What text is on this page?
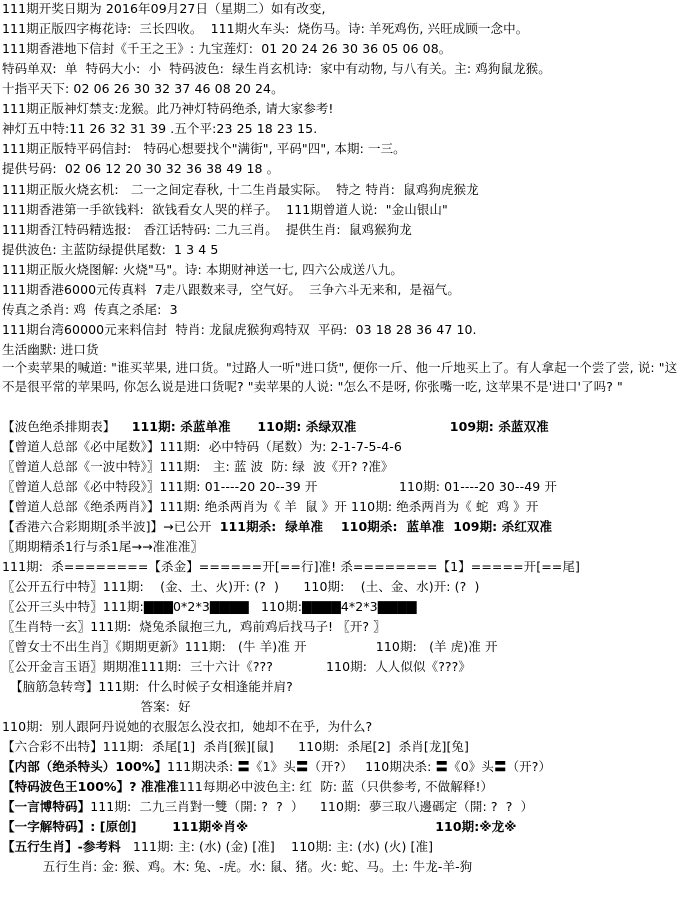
111期开奖日期为 2016年09月27日（星期二）如有改变,
111期正版四字梅花诗:  三长四收。  111期火车头:  烧伤马。诗: 羊死鸡伤, 兴旺成顾一念中。
111期香港地下信封《千王之王》: 九宝莲灯:  01 20 24 26 30 36 05 06 08。
特码单双:  单  特码大小:  小  特码波色:  绿生肖玄机诗:  家中有动物, 与八有关。主: 鸡狗鼠龙猴。
十指平天下: 02 06 26 30 32 37 46 08 20 24。
111期正版神灯禁支:龙猴。此乃神灯特码绝杀, 请大家参考!
神灯五中特:11 26 32 31 39 .五个平:23 25 18 23 15.
111期正版特平码信封:   特码心想要找个"满街", 平码"四", 本期: 一三。
提供号码:  02 06 12 20 30 32 36 38 49 18 。
111期正版火烧玄机:   二一之间定春秋, 十二生肖最实际。  特之 特肖:  鼠鸡狗虎猴龙
111期香港第一手欲钱料:  欲钱看女人哭的样子。  111期曾道人说:  "金山银山"
111期香江特码精选报:   香江话特码: 二九三肖。  提供生肖:  鼠鸡猴狗龙
提供波色: 主蓝防绿提供尾数:  1 3 4 5
111期正版火烧图解: 火烧"马"。诗: 本期财神送一七, 四六公成送八九。
111期香港6000元传真料  7走八跟数来寻,  空气好。  三争六斗无来和,  是福气。
传真之杀肖: 鸡  传真之杀尾:  3
111期台湾60000元来料信封  特肖: 龙鼠虎猴狗鸡特双  平码:  03 18 28 36 47 10.
生活幽默: 进口货
一个卖苹果的喊道: "谁买苹果, 进口货。"过路人一听"进口货", 便你一斤、他一斤地买上了。有人拿起一个尝了尝, 说: "这不是很平常的苹果吗, 你怎么说是进口货呢? "卖苹果的人说: "怎么不是呀, 你张嘴一吃, 这苹果不是'进口'了吗? "
【波色绝杀排期表】    111期: 杀蓝单准      110期: 杀绿双准                     109期: 杀蓝双准
【曾道人总部《必中尾数》】111期:  必中特码（尾数）为: 2-1-7-5-4-6
〖曾道人总部《一波中特》〗111期:   主: 蓝 波  防: 绿  波《开? ?准》
〖曾道人总部《必中特段》〗111期: 01----20 20--39 开                    110期: 01----20 30--49 开
【曾道人总部《绝杀两肖》】111期: 绝杀两肖为《 羊  鼠 》开 110期: 绝杀两肖为《 蛇  鸡 》开
【香港六合彩期期[杀半波]】→已公开  111期杀:  绿单准    110期杀:  蓝单准  109期: 杀红双准
〖期期精杀1行与杀1尾→→准准准〗
111期:  杀========【杀金】======开[==行]准! 杀========【1】=====开[==尾]
〖公开五行中特〗111期:    (金、土、火)开: (?  )      110期:    (土、金、水)开: (?  )
〖公开三头中特〗111期:▇▇▇0*2*3▇▇▇▇   110期:▇▇▇▇4*2*3▇▇▇▇
〖生肖特一玄〗111期:  烧兔杀鼠抱三九,  鸡前鸡后找马子! 〖开? 〗
〖曾女士不出生肖〗《期期更新》111期:   (牛 羊)准 开                 110期:   (羊 虎)准 开
〖公开金言玉语〗期期准111期:  三十六计《???             110期:  人人似似《???》
【脑筋急转弯】111期:  什么时候子女相逢能并肩?
答案:  好
110期:  别人跟阿丹说她的衣服怎么没衣扣,  她却不在乎,  为什么?
【六合彩不出特】111期:  杀尾[1]  杀肖[猴][鼠]      110期:  杀尾[2]  杀肖[龙][兔]
【内部（绝杀特头）100%】111期决杀: 〓《1》头〓（开?）   110期决杀: 〓《0》头〓（开?）
【特码波色王100%】? 准准准111每期必中波色主: 红  防: 蓝（只供参考, 不做解释!）
【一言博特码】111期:  二九三肖對一雙（開: ?  ?  ）    110期:  夢三取八邊碼定（開: ?  ?  ）
【一字解特码】: [原创]        111期※肖※                                          110期:※龙※
【五行生肖】-参考料   111期: 主: (水) (金) [准]    110期: 主: (水) (火) [准]
五行生肖: 金: 猴、鸡。木: 兔、-虎。水: 鼠、猪。火: 蛇、马。土: 牛龙-羊-狗
